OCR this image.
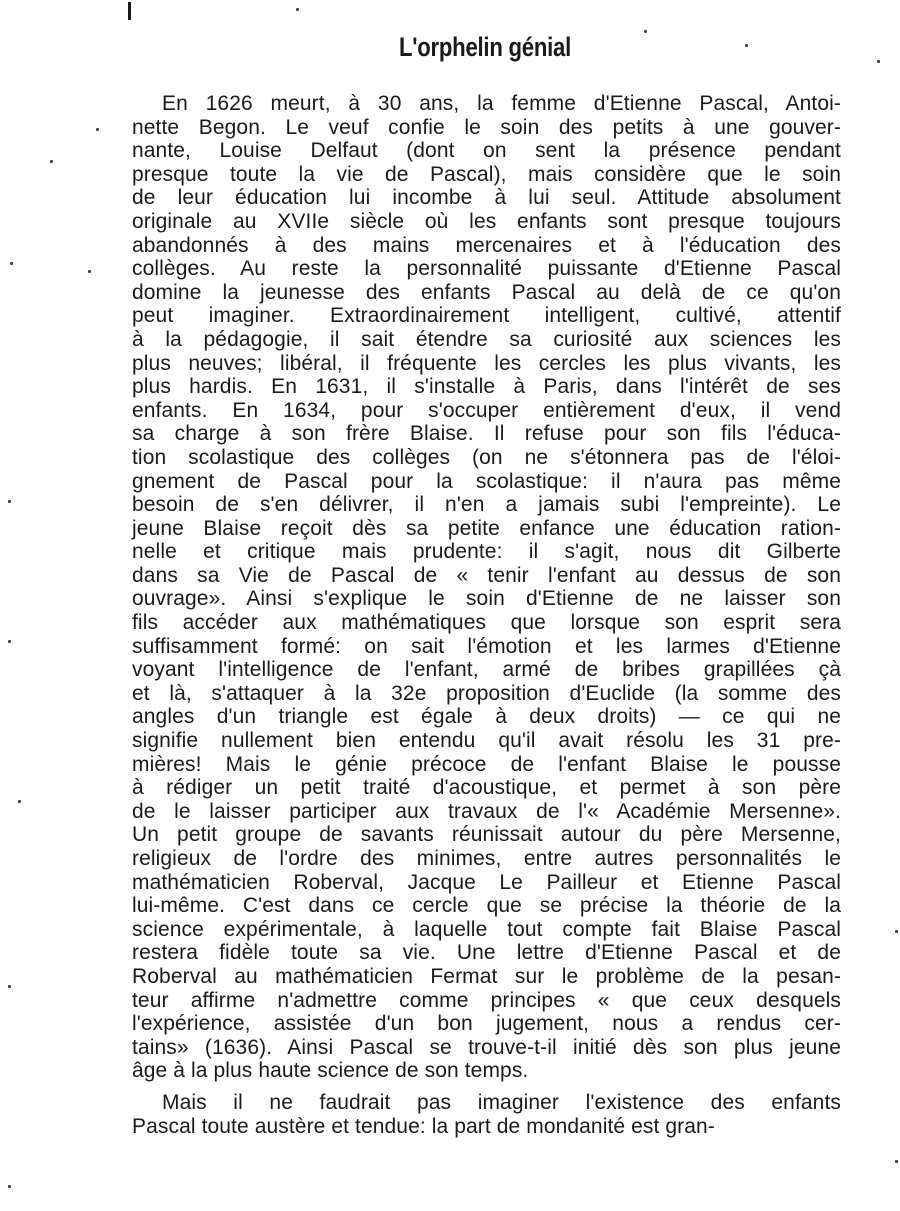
L'orphelin génial
En 1626 meurt, à 30 ans, la femme d'Etienne Pascal, Antoi-
nette Begon. Le veuf confie le soin des petits à une gouver-
nante, Louise Delfaut (dont on sent la présence pendant
presque toute la vie de Pascal), mais considère que le soin
de leur éducation lui incombe à lui seul. Attitude absolument
originale au XVIIe siècle où les enfants sont presque toujours
abandonnés à des mains mercenaires et à l'éducation des
collèges. Au reste la personnalité puissante d'Etienne Pascal
domine la jeunesse des enfants Pascal au delà de ce qu'on
peut imaginer. Extraordinairement intelligent, cultivé, attentif
à la pédagogie, il sait étendre sa curiosité aux sciences les
plus neuves; libéral, il fréquente les cercles les plus vivants, les
plus hardis. En 1631, il s'installe à Paris, dans l'intérêt de ses
enfants. En 1634, pour s'occuper entièrement d'eux, il vend
sa charge à son frère Blaise. Il refuse pour son fils l'éduca-
tion scolastique des collèges (on ne s'étonnera pas de l'éloi-
gnement de Pascal pour la scolastique: il n'aura pas même
besoin de s'en délivrer, il n'en a jamais subi l'empreinte). Le
jeune Blaise reçoit dès sa petite enfance une éducation ration-
nelle et critique mais prudente: il s'agit, nous dit Gilberte
dans sa Vie de Pascal de « tenir l'enfant au dessus de son
ouvrage». Ainsi s'explique le soin d'Etienne de ne laisser son
fils accéder aux mathématiques que lorsque son esprit sera
suffisamment formé: on sait l'émotion et les larmes d'Etienne
voyant l'intelligence de l'enfant, armé de bribes grapillées çà
et là, s'attaquer à la 32e proposition d'Euclide (la somme des
angles d'un triangle est égale à deux droits) — ce qui ne
signifie nullement bien entendu qu'il avait résolu les 31 pre-
mières! Mais le génie précoce de l'enfant Blaise le pousse
à rédiger un petit traité d'acoustique, et permet à son père
de le laisser participer aux travaux de l'« Académie Mersenne».
Un petit groupe de savants réunissait autour du père Mersenne,
religieux de l'ordre des minimes, entre autres personnalités le
mathématicien Roberval, Jacque Le Pailleur et Etienne Pascal
lui-même. C'est dans ce cercle que se précise la théorie de la
science expérimentale, à laquelle tout compte fait Blaise Pascal
restera fidèle toute sa vie. Une lettre d'Etienne Pascal et de
Roberval au mathématicien Fermat sur le problème de la pesan-
teur affirme n'admettre comme principes « que ceux desquels
l'expérience, assistée d'un bon jugement, nous a rendus cer-
tains» (1636). Ainsi Pascal se trouve-t-il initié dès son plus jeune
âge à la plus haute science de son temps.
Mais il ne faudrait pas imaginer l'existence des enfants
Pascal toute austère et tendue: la part de mondanité est gran-
